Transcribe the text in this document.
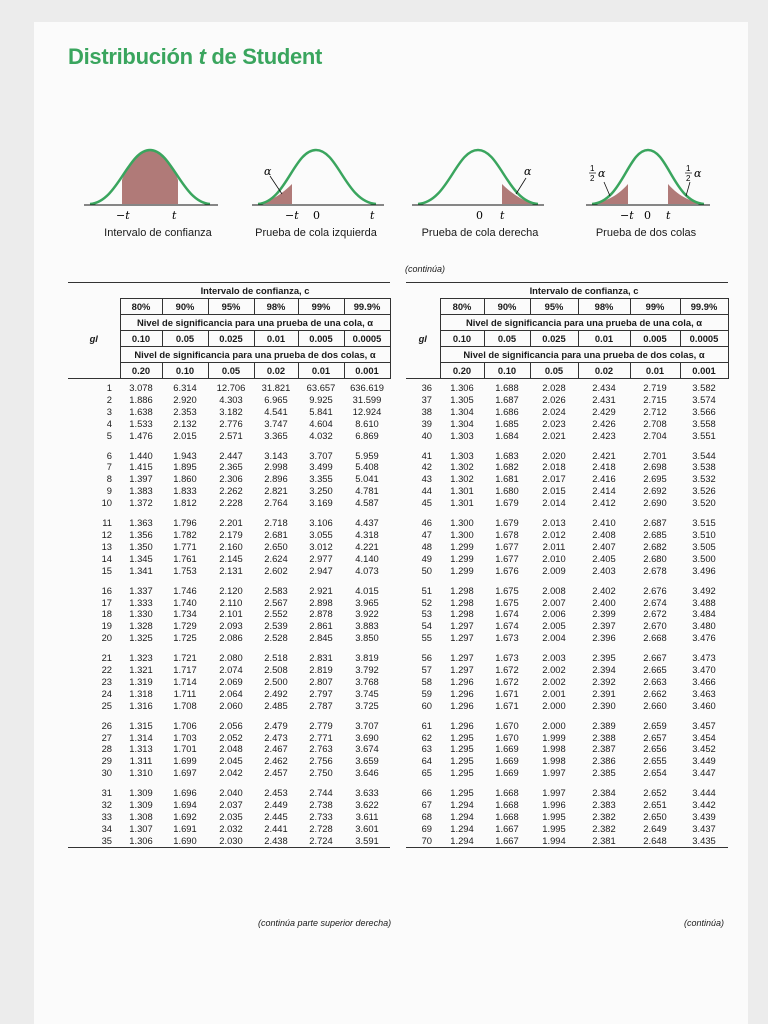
Distribución t de Student
−t	t
Intervalo de confianza
α
−t 0	t
Prueba de cola izquierda
α
0 t
Prueba de cola derecha
1
2 α	1
2 α
−t 0 t
Prueba de dos colas
(continúa)
	Intervalo de confianza, c					
	80%	90%	95%	98%	99%	99.9%
	Nivel de significancia para una prueba de una cola, α					
gl	0.10	0.05	0.025	0.01	0.005	0.0005
	Nivel de significancia para una prueba de dos colas, α					
	0.20	0.10	0.05	0.02	0.01	0.001
1	3.078	6.314	12.706	31.821	63.657	636.619
2	1.886	2.920	4.303	6.965	9.925	31.599
3	1.638	2.353	3.182	4.541	5.841	12.924
4	1.533	2.132	2.776	3.747	4.604	8.610
5	1.476	2.015	2.571	3.365	4.032	6.869
6	1.440	1.943	2.447	3.143	3.707	5.959
7	1.415	1.895	2.365	2.998	3.499	5.408
8	1.397	1.860	2.306	2.896	3.355	5.041
9	1.383	1.833	2.262	2.821	3.250	4.781
10	1.372	1.812	2.228	2.764	3.169	4.587
11	1.363	1.796	2.201	2.718	3.106	4.437
12	1.356	1.782	2.179	2.681	3.055	4.318
13	1.350	1.771	2.160	2.650	3.012	4.221
14	1.345	1.761	2.145	2.624	2.977	4.140
15	1.341	1.753	2.131	2.602	2.947	4.073
16	1.337	1.746	2.120	2.583	2.921	4.015
17	1.333	1.740	2.110	2.567	2.898	3.965
18	1.330	1.734	2.101	2.552	2.878	3.922
19	1.328	1.729	2.093	2.539	2.861	3.883
20	1.325	1.725	2.086	2.528	2.845	3.850
21	1.323	1.721	2.080	2.518	2.831	3.819
22	1.321	1.717	2.074	2.508	2.819	3.792
23	1.319	1.714	2.069	2.500	2.807	3.768
24	1.318	1.711	2.064	2.492	2.797	3.745
25	1.316	1.708	2.060	2.485	2.787	3.725
26	1.315	1.706	2.056	2.479	2.779	3.707
27	1.314	1.703	2.052	2.473	2.771	3.690
28	1.313	1.701	2.048	2.467	2.763	3.674
29	1.311	1.699	2.045	2.462	2.756	3.659
30	1.310	1.697	2.042	2.457	2.750	3.646
31	1.309	1.696	2.040	2.453	2.744	3.633
32	1.309	1.694	2.037	2.449	2.738	3.622
33	1.308	1.692	2.035	2.445	2.733	3.611
34	1.307	1.691	2.032	2.441	2.728	3.601
35	1.306	1.690	2.030	2.438	2.724	3.591
	Intervalo de confianza, c					
	80%	90%	95%	98%	99%	99.9%
	Nivel de significancia para una prueba de una cola, α					
gl	0.10	0.05	0.025	0.01	0.005	0.0005
	Nivel de significancia para una prueba de dos colas, α					
	0.20	0.10	0.05	0.02	0.01	0.001
36	1.306	1.688	2.028	2.434	2.719	3.582
37	1.305	1.687	2.026	2.431	2.715	3.574
38	1.304	1.686	2.024	2.429	2.712	3.566
39	1.304	1.685	2.023	2.426	2.708	3.558
40	1.303	1.684	2.021	2.423	2.704	3.551
41	1.303	1.683	2.020	2.421	2.701	3.544
42	1.302	1.682	2.018	2.418	2.698	3.538
43	1.302	1.681	2.017	2.416	2.695	3.532
44	1.301	1.680	2.015	2.414	2.692	3.526
45	1.301	1.679	2.014	2.412	2.690	3.520
46	1.300	1.679	2.013	2.410	2.687	3.515
47	1.300	1.678	2.012	2.408	2.685	3.510
48	1.299	1.677	2.011	2.407	2.682	3.505
49	1.299	1.677	2.010	2.405	2.680	3.500
50	1.299	1.676	2.009	2.403	2.678	3.496
51	1.298	1.675	2.008	2.402	2.676	3.492
52	1.298	1.675	2.007	2.400	2.674	3.488
53	1.298	1.674	2.006	2.399	2.672	3.484
54	1.297	1.674	2.005	2.397	2.670	3.480
55	1.297	1.673	2.004	2.396	2.668	3.476
56	1.297	1.673	2.003	2.395	2.667	3.473
57	1.297	1.672	2.002	2.394	2.665	3.470
58	1.296	1.672	2.002	2.392	2.663	3.466
59	1.296	1.671	2.001	2.391	2.662	3.463
60	1.296	1.671	2.000	2.390	2.660	3.460
61	1.296	1.670	2.000	2.389	2.659	3.457
62	1.295	1.670	1.999	2.388	2.657	3.454
63	1.295	1.669	1.998	2.387	2.656	3.452
64	1.295	1.669	1.998	2.386	2.655	3.449
65	1.295	1.669	1.997	2.385	2.654	3.447
66	1.295	1.668	1.997	2.384	2.652	3.444
67	1.294	1.668	1.996	2.383	2.651	3.442
68	1.294	1.668	1.995	2.382	2.650	3.439
69	1.294	1.667	1.995	2.382	2.649	3.437
70	1.294	1.667	1.994	2.381	2.648	3.435
(continúa parte superior derecha)	(continúa)
